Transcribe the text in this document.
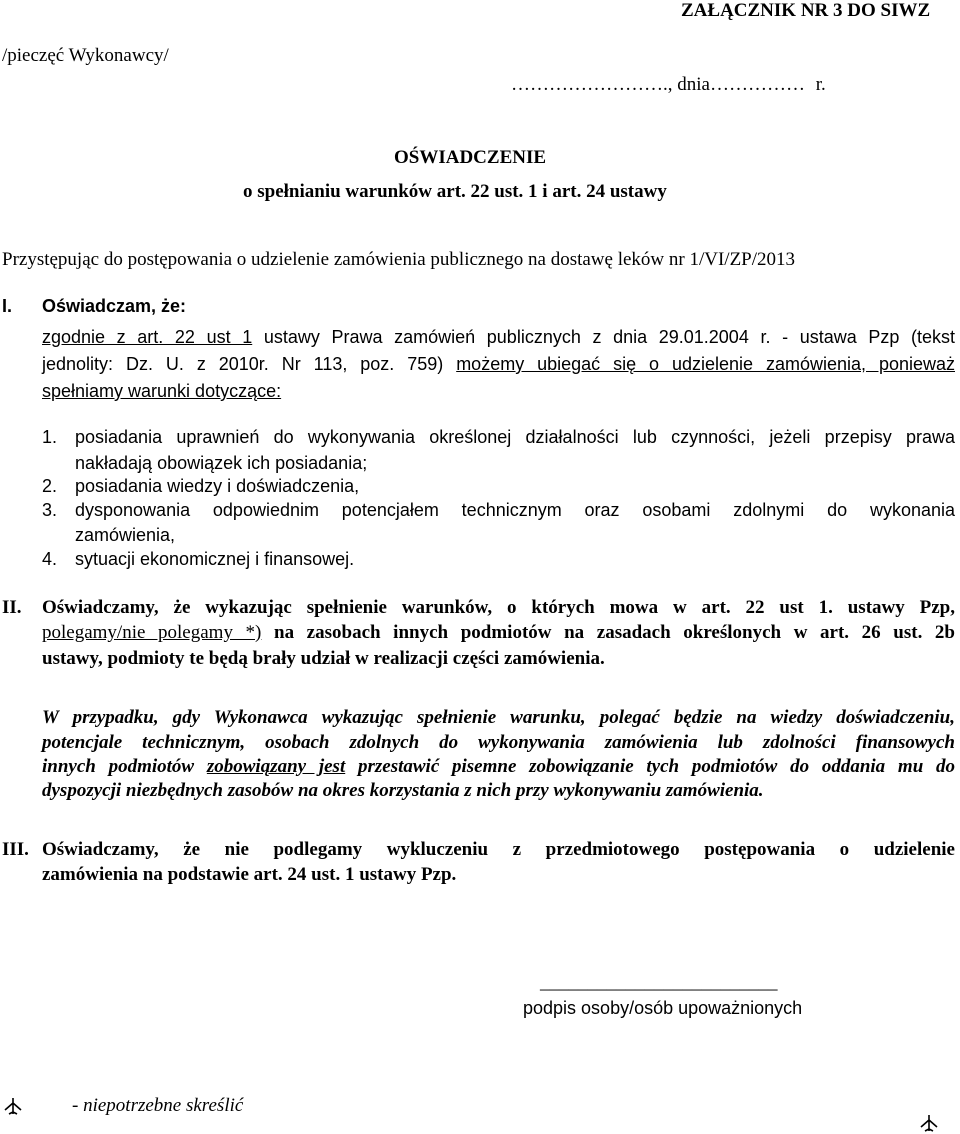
ZAŁĄCZNIK NR 3 DO SIWZ
/pieczęć Wykonawcy/
……………………., dnia…………… r.
OŚWIADCZENIE
o spełnianiu warunków art. 22 ust. 1 i art. 24 ustawy
Przystępując do postępowania o udzielenie zamówienia publicznego na dostawę leków nr 1/VI/ZP/2013
I. Oświadczam, że:
zgodnie z art. 22 ust 1 ustawy Prawa zamówień publicznych z dnia 29.01.2004 r. - ustawa Pzp (tekst
jednolity: Dz. U. z 2010r. Nr 113, poz. 759) możemy ubiegać się o udzielenie zamówienia, ponieważ
spełniamy warunki dotyczące:
1. posiadania uprawnień do wykonywania określonej działalności lub czynności, jeżeli przepisy prawa
nakładają obowiązek ich posiadania;
2. posiadania wiedzy i doświadczenia,
3. dysponowania odpowiednim potencjałem technicznym oraz osobami zdolnymi do wykonania
zamówienia,
4. sytuacji ekonomicznej i finansowej.
II. Oświadczamy, że wykazując spełnienie warunków, o których mowa w art. 22 ust 1. ustawy Pzp,
polegamy/nie polegamy *) na zasobach innych podmiotów na zasadach określonych w art. 26 ust. 2b
ustawy, podmioty te będą brały udział w realizacji części zamówienia.
W przypadku, gdy Wykonawca wykazując spełnienie warunku, polegać będzie na wiedzy doświadczeniu,
potencjale technicznym, osobach zdolnych do wykonywania zamówienia lub zdolności finansowych
innych podmiotów zobowiązany jest przestawić pisemne zobowiązanie tych podmiotów do oddania mu do
dyspozycji niezbędnych zasobów na okres korzystania z nich przy wykonywaniu zamówienia.
III. Oświadczamy, że nie podlegamy wykluczeniu z przedmiotowego postępowania o udzielenie
zamówienia na podstawie art. 24 ust. 1 ustawy Pzp.
_________________________
podpis osoby/osób upoważnionych
- niepotrzebne skreślić
